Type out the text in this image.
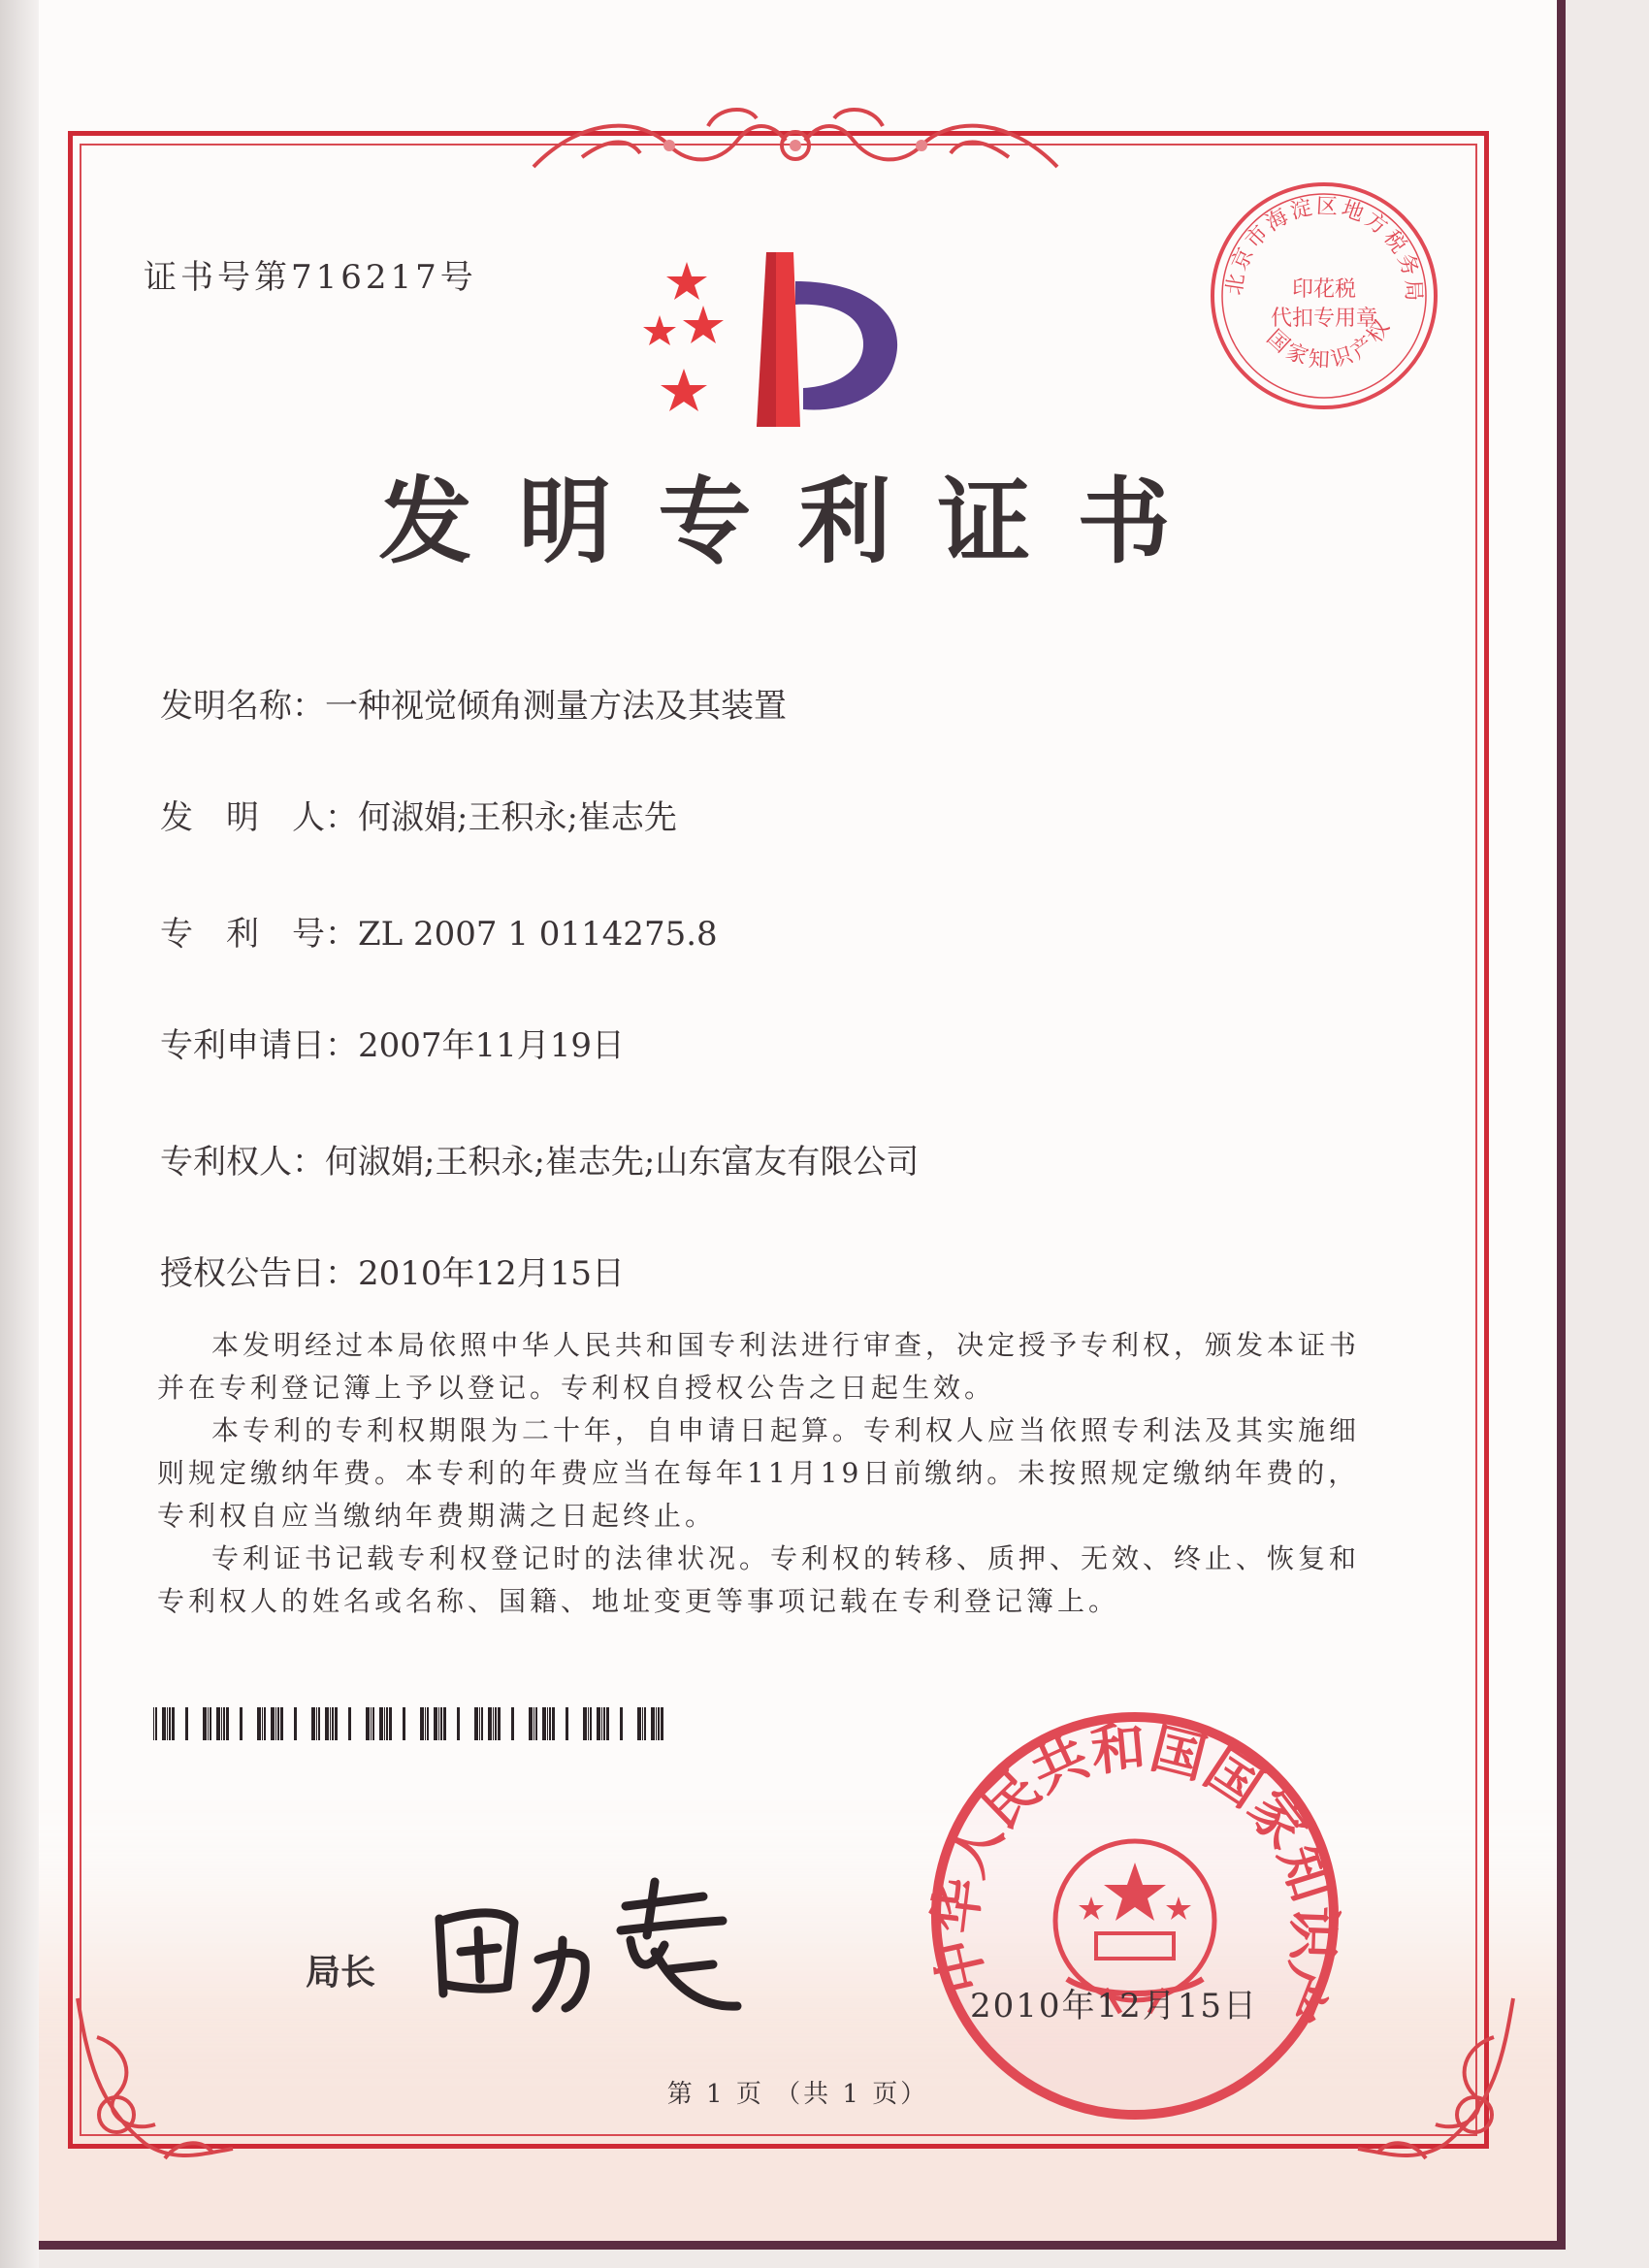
证书号第716217号	北京市海淀区地方税务局
印花税
代扣专用章
国家知识产权
发明专利证书
发明名称：一种视觉倾角测量方法及其装置
发　明　人：何淑娟;王积永;崔志先
专　利　号：ZL 2007 1 0114275.8
专利申请日：2007年11月19日
专利权人：何淑娟;王积永;崔志先;山东富友有限公司
授权公告日：2010年12月15日

本发明经过本局依照中华人民共和国专利法进行审查，决定授予专利权，颁发本证书并在专利登记簿上予以登记。专利权自授权公告之日起生效。

本专利的专利权期限为二十年，自申请日起算。专利权人应当依照专利法及其实施细则规定缴纳年费。本专利的年费应当在每年11月19日前缴纳。未按照规定缴纳年费的，专利权自应当缴纳年费期满之日起终止。

专利证书记载专利权登记时的法律状况。专利权的转移、质押、无效、终止、恢复和专利权人的姓名或名称、国籍、地址变更等事项记载在专利登记簿上。

局长	中华人民共和国国家知识产
2010年12月15日
第 1 页 （共 1 页）
